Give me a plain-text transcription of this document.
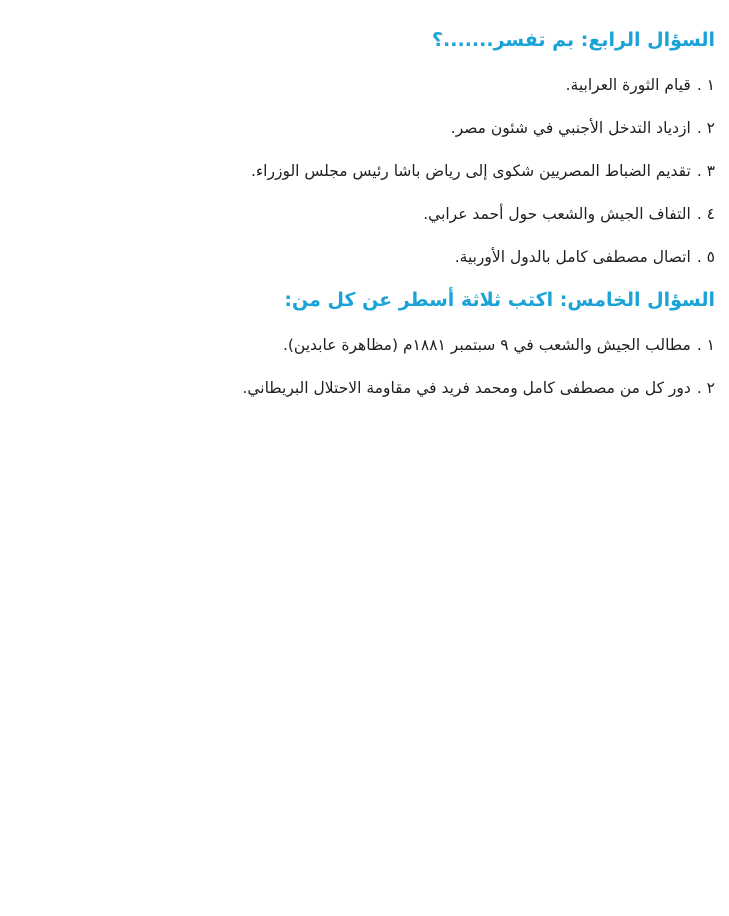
السؤال الرابع: بم تفسر.......؟
١ .
قيام الثورة العرابية.
٢ .
ازدياد التدخل الأجنبي في شئون مصر.
٣ .
تقديم الضباط المصريين شكوى إلى رياض باشا رئيس مجلس الوزراء.
٤ .
التفاف الجيش والشعب حول أحمد عرابي.
٥ .
اتصال مصطفى كامل بالدول الأوربية.
السؤال الخامس: اكتب ثلاثة أسطر عن كل من:
١ .
مطالب الجيش والشعب في ٩ سبتمبر ١٨٨١م (مظاهرة عابدين).
٢ .
دور كل من مصطفى كامل ومحمد فريد في مقاومة الاحتلال البريطاني.
